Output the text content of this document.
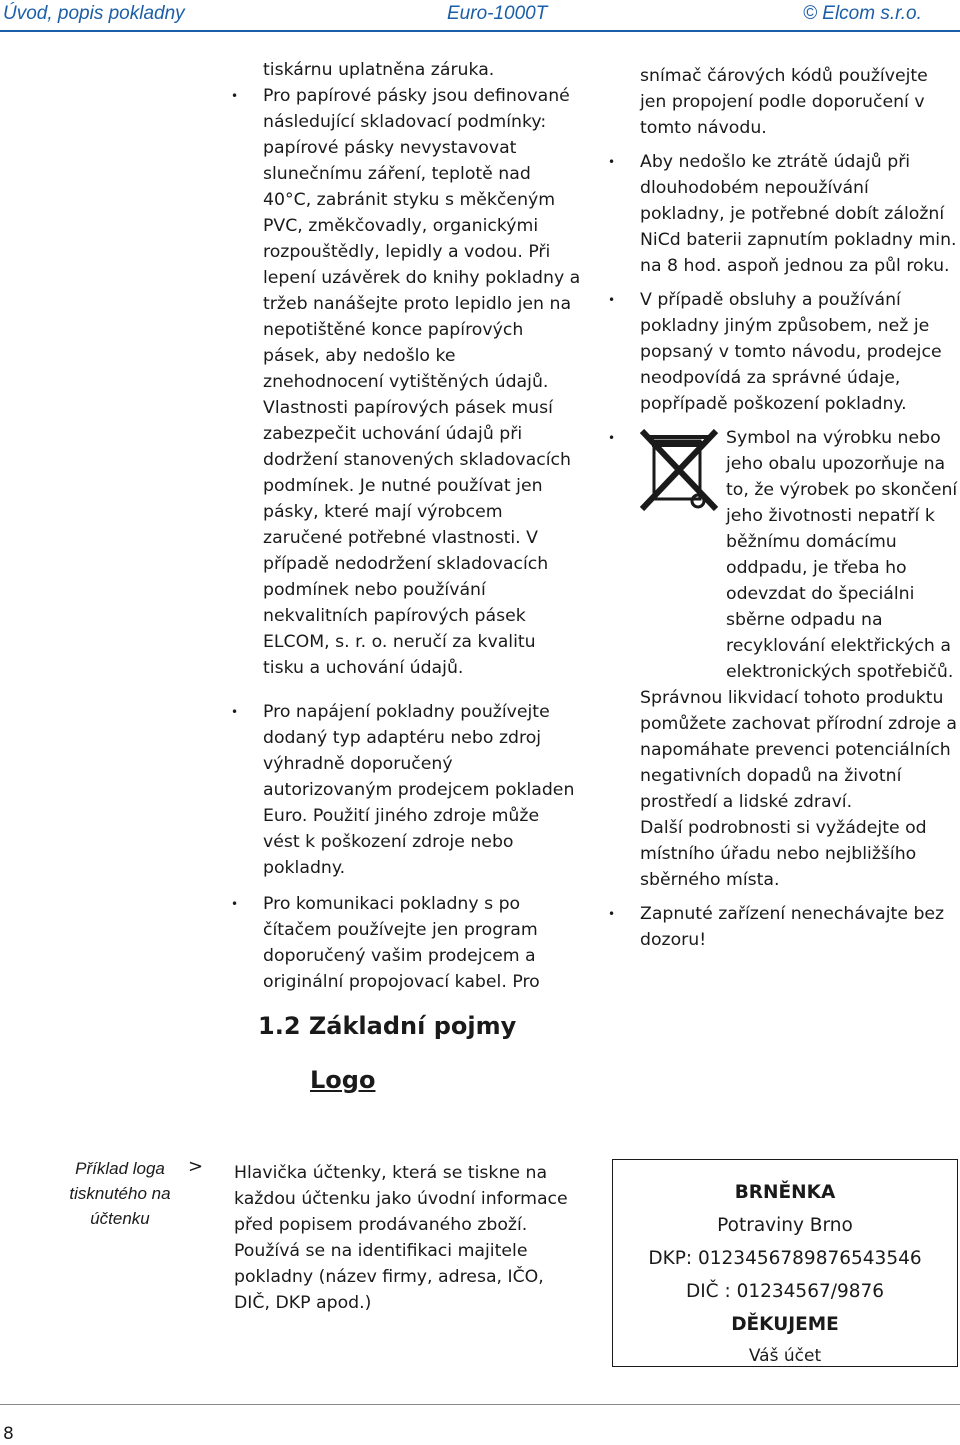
Úvod, popis pokladny	Euro-1000T	© Elcom s.r.o.

tiskárnu uplatněna záruka.

• Pro papírové pásky jsou definované následující skladovací podmínky: papírové pásky nevystavovat slunečnímu záření, teplotě nad 40°C, zabránit styku s měkčeným PVC, změkčovadly, organickými rozpouštědly, lepidly a vodou. Při lepení uzávěrek do knihy pokladny a tržeb nanášejte proto lepidlo jen na nepotištěné konce papírových pásek, aby nedošlo ke znehodnocení vytištěných údajů. Vlastnosti papírových pásek musí zabezpečit uchování údajů při dodržení stanovených skladovacích podmínek. Je nutné používat jen pásky, které mají výrobcem zaručené potřebné vlastnosti. V případě nedodržení skladovacích podmínek nebo používání nekvalitních papírových pásek ELCOM, s. r. o. neručí za kvalitu tisku a uchování údajů.
• Pro napájení pokladny používejte dodaný typ adaptéru nebo zdroj výhradně doporučený autorizovaným prodejcem pokladen Euro. Použití jiného zdroje může vést k poškození zdroje nebo pokladny.
• Pro komunikaci pokladny s po čítačem používejte jen program doporučený vašim prodejcem a originální propojovací kabel. Pro

snímač čárových kódů používejte jen propojení podle doporučení v tomto návodu.

• Aby nedošlo ke ztrátě údajů při dlouhodobém nepoužívání pokladny, je potřebné dobít záložní NiCd baterii zapnutím pokladny min. na 8 hod. aspoň jednou za půl roku.
• V případě obsluhy a používání pokladny jiným způsobem, než je popsaný v tomto návodu, prodejce neodpovídá za správné údaje, popřípadě poškození pokladny.
• Symbol na výrobku nebo jeho obalu upozorňuje na to, že výrobek po skončení jeho životnosti nepatří k běžnímu domácímu oddpadu, je třeba ho odevzdat do špeciálni sběrne odpadu na recyklování elektřických a elektronických spotřebičů.
Správnou likvidací tohoto produktu pomůžete zachovat přírodní zdroje a napomáhate prevenci potenciálních negativních dopadů na životní prostředí a lidské zdraví.
Další podrobnosti si vyžádejte od místního úřadu nebo nejbližšího sběrného místa.
• Zapnuté zařízení nenechávajte bez dozoru!
1.2 Základní pojmy
Logo
Příklad loga tisknutého na účtenku
> Hlavička účtenky, která se tiskne na každou účtenku jako úvodní informace před popisem prodávaného zboží. Používá se na identifikaci majitele pokladny (název firmy, adresa, IČO, DIČ, DKP apod.)
BRNĚNKA
Potraviny Brno
DKP: 0123456789876543546
DIČ : 01234567/9876
DĚKUJEME
Váš účet
8
